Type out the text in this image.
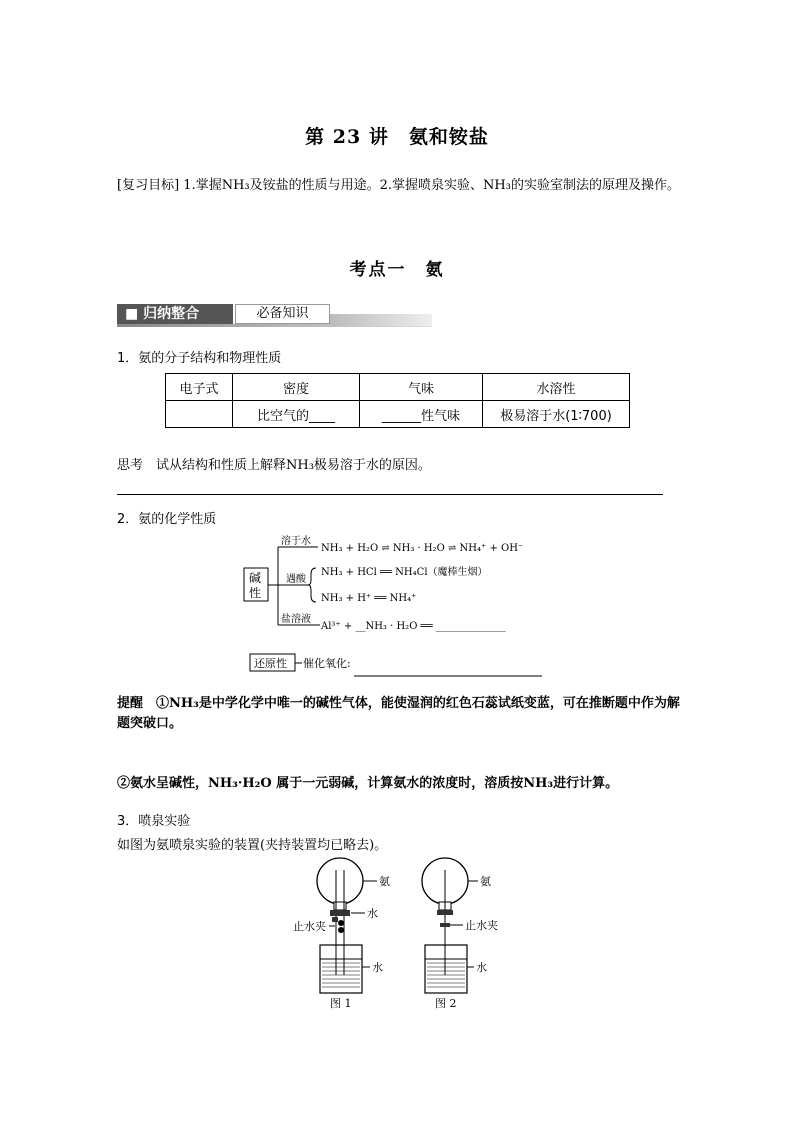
第 23 讲　氨和铵盐
[复习目标] 1.掌握NH₃及铵盐的性质与用途。2.掌握喷泉实验、NH₃的实验室制法的原理及操作。
考点一　氨
■ 归纳整合	必备知识
1．氨的分子结构和物理性质
电子式	密度	气味	水溶性
	比空气的____	______性气味	极易溶于水(1∶700)
思考　试从结构和性质上解释NH₃极易溶于水的原因。
2．氨的化学性质
碱
性
溶于水
NH₃ + H₂O ⇌ NH₃ · H₂O ⇌ NH₄⁺ + OH⁻
遇酸
NH₃ + HCl ══ NH₄Cl（魔棒生烟）
NH₃ + H⁺ ══ NH₄⁺
盐溶液
Al³⁺ + __NH₃ · H₂O ══ ______________
还原性 催化氧化:
提醒　①NH₃是中学化学中唯一的碱性气体，能使湿润的红色石蕊试纸变蓝，可在推断题中作为解题突破口。
②氨水呈碱性，NH₃·H₂O 属于一元弱碱，计算氨水的浓度时，溶质按NH₃进行计算。
3．喷泉实验
如图为氨喷泉实验的装置(夹持装置均已略去)。
氨
水
止水夹
水
图 1
氨
止水夹
水
图 2
